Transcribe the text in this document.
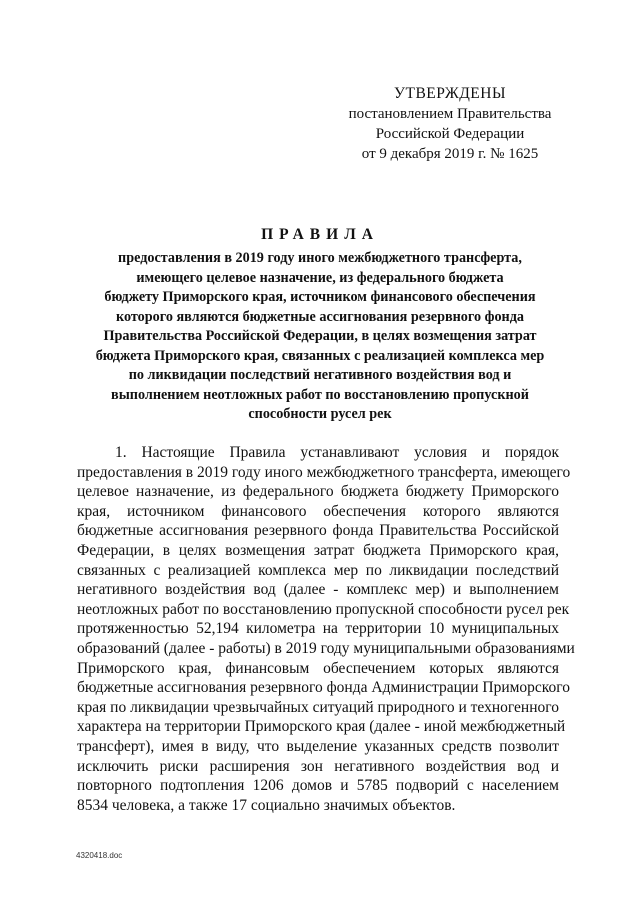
УТВЕРЖДЕНЫ
постановлением Правительства
Российской Федерации
от 9 декабря 2019 г. № 1625
ПРАВИЛА
предоставления в 2019 году иного межбюджетного трансферта,
имеющего целевое назначение, из федерального бюджета
бюджету Приморского края, источником финансового обеспечения
которого являются бюджетные ассигнования резервного фонда
Правительства Российской Федерации, в целях возмещения затрат
бюджета Приморского края, связанных с реализацией комплекса мер
по ликвидации последствий негативного воздействия вод и
выполнением неотложных работ по восстановлению пропускной
способности русел рек
1. Настоящие Правила устанавливают условия и порядок
предоставления в 2019 году иного межбюджетного трансферта, имеющего
целевое назначение, из федерального бюджета бюджету Приморского
края, источником финансового обеспечения которого являются
бюджетные ассигнования резервного фонда Правительства Российской
Федерации, в целях возмещения затрат бюджета Приморского края,
связанных с реализацией комплекса мер по ликвидации последствий
негативного воздействия вод (далее - комплекс мер) и выполнением
неотложных работ по восстановлению пропускной способности русел рек
протяженностью 52,194 километра на территории 10 муниципальных
образований (далее - работы) в 2019 году муниципальными образованиями
Приморского края, финансовым обеспечением которых являются
бюджетные ассигнования резервного фонда Администрации Приморского
края по ликвидации чрезвычайных ситуаций природного и техногенного
характера на территории Приморского края (далее - иной межбюджетный
трансферт), имея в виду, что выделение указанных средств позволит
исключить риски расширения зон негативного воздействия вод и
повторного подтопления 1206 домов и 5785 подворий с населением
8534 человека, а также 17 социально значимых объектов.
4320418.doc
